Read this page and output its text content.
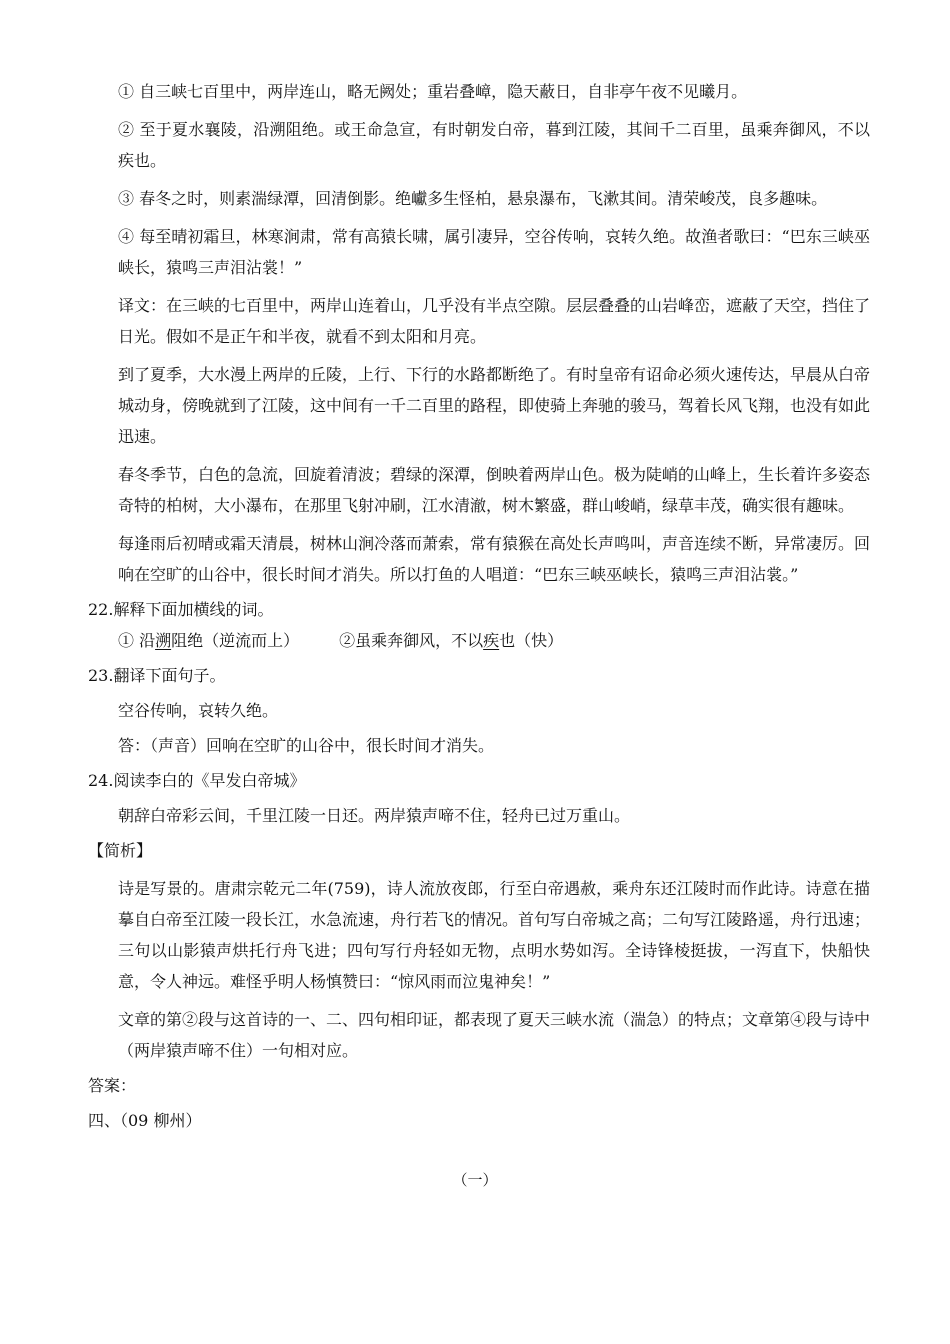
① 自三峡七百里中，两岸连山，略无阙处；重岩叠嶂，隐天蔽日，自非亭午夜不见曦月。

② 至于夏水襄陵，沿溯阻绝。或王命急宣，有时朝发白帝，暮到江陵，其间千二百里，虽乘奔御风，不以疾也。

③ 春冬之时，则素湍绿潭，回清倒影。绝巘多生怪柏，悬泉瀑布，飞漱其间。清荣峻茂，良多趣味。

④ 每至晴初霜旦，林寒涧肃，常有高猿长啸，属引凄异，空谷传响，哀转久绝。故渔者歌曰：“巴东三峡巫峡长，猿鸣三声泪沾裳！”

译文：在三峡的七百里中，两岸山连着山，几乎没有半点空隙。层层叠叠的山岩峰峦，遮蔽了天空，挡住了日光。假如不是正午和半夜，就看不到太阳和月亮。

到了夏季，大水漫上两岸的丘陵，上行、下行的水路都断绝了。有时皇帝有诏命必须火速传达，早晨从白帝城动身，傍晚就到了江陵，这中间有一千二百里的路程，即使骑上奔驰的骏马，驾着长风飞翔，也没有如此迅速。

春冬季节，白色的急流，回旋着清波；碧绿的深潭，倒映着两岸山色。极为陡峭的山峰上，生长着许多姿态奇特的柏树，大小瀑布，在那里飞射冲刷，江水清澈，树木繁盛，群山峻峭，绿草丰茂，确实很有趣味。

每逢雨后初晴或霜天清晨，树林山涧冷落而萧索，常有猿猴在高处长声鸣叫，声音连续不断，异常凄厉。回响在空旷的山谷中，很长时间才消失。所以打鱼的人唱道：“巴东三峡巫峡长，猿鸣三声泪沾裳。”

22.解释下面加横线的词。
① 沿溯阻绝（逆流而上）	②虽乘奔御风，不以疾也（快）
23.翻译下面句子。
空谷传响，哀转久绝。
答：（声音）回响在空旷的山谷中，很长时间才消失。
24.阅读李白的《早发白帝城》
朝辞白帝彩云间，千里江陵一日还。两岸猿声啼不住，轻舟已过万重山。
【简析】

诗是写景的。唐肃宗乾元二年(759)，诗人流放夜郎，行至白帝遇赦，乘舟东还江陵时而作此诗。诗意在描摹自白帝至江陵一段长江，水急流速，舟行若飞的情况。首句写白帝城之高；二句写江陵路遥，舟行迅速；三句以山影猿声烘托行舟飞进；四句写行舟轻如无物，点明水势如泻。全诗锋棱挺拔，一泻直下，快船快意，令人神远。难怪乎明人杨慎赞曰：“惊风雨而泣鬼神矣！”

文章的第②段与这首诗的一、二、四句相印证，都表现了夏天三峡水流（湍急）的特点；文章第④段与诗中（两岸猿声啼不住）一句相对应。

答案：
四、（09 柳州）
（一）
